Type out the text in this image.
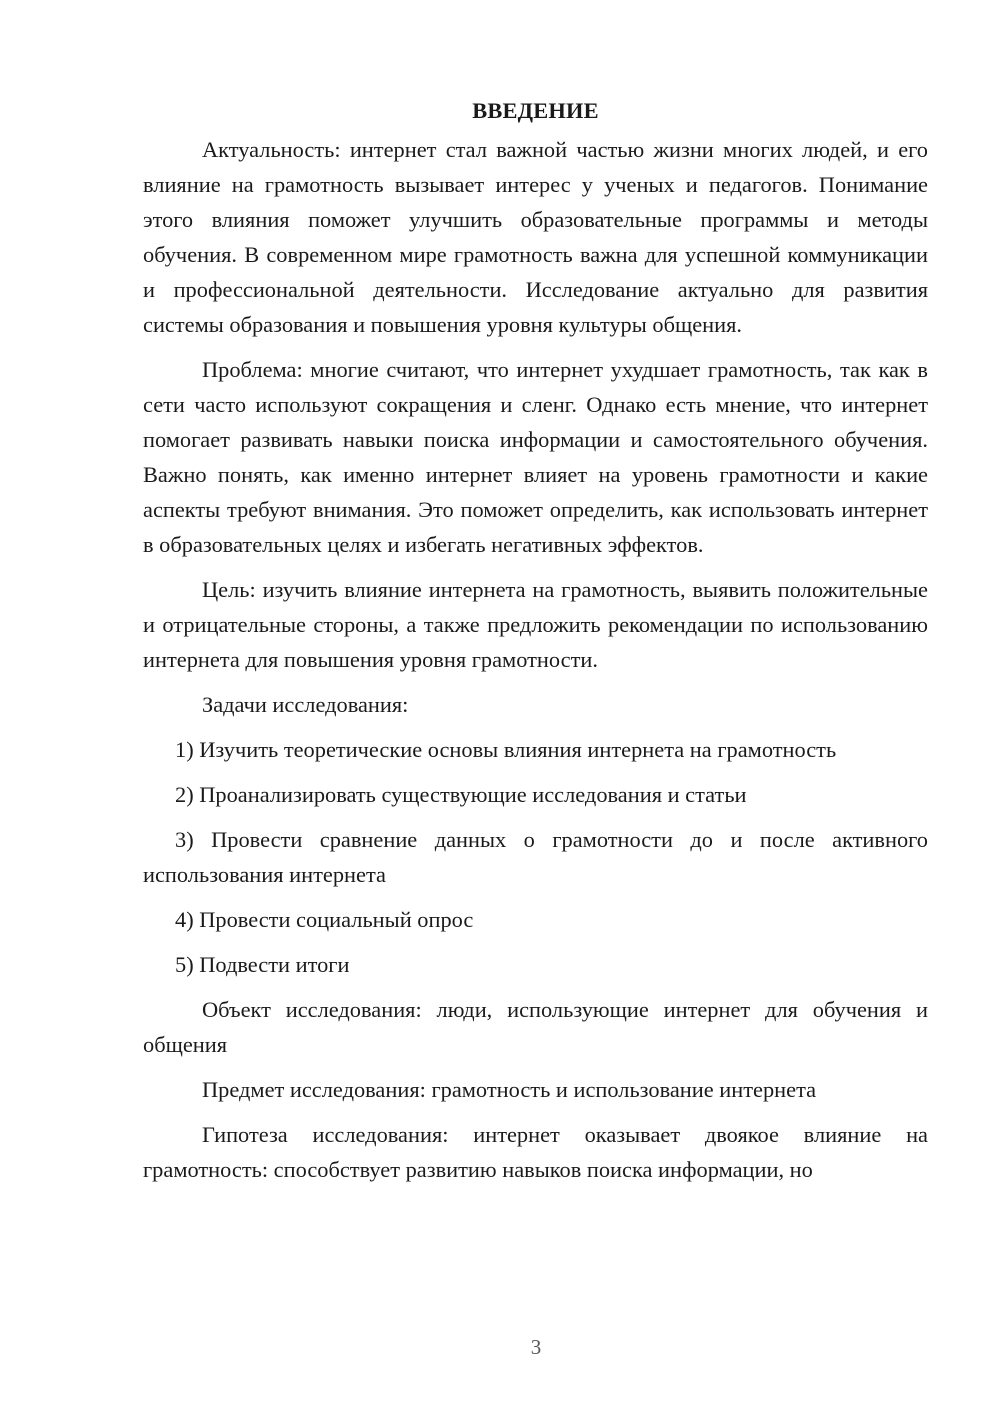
ВВЕДЕНИЕ

Актуальность: интернет стал важной частью жизни многих людей, и его влияние на грамотность вызывает интерес у ученых и педагогов. Понимание этого влияния поможет улучшить образовательные программы и методы обучения. В современном мире грамотность важна для успешной коммуникации и профессиональной деятельности. Исследование актуально для развития системы образования и повышения уровня культуры общения.

Проблема: многие считают, что интернет ухудшает грамотность, так как в сети часто используют сокращения и сленг. Однако есть мнение, что интернет помогает развивать навыки поиска информации и самостоятельного обучения. Важно понять, как именно интернет влияет на уровень грамотности и какие аспекты требуют внимания. Это поможет определить, как использовать интернет в образовательных целях и избегать негативных эффектов.

Цель: изучить влияние интернета на грамотность, выявить положительные и отрицательные стороны, а также предложить рекомендации по использованию интернета для повышения уровня грамотности.

Задачи исследования:

1) Изучить теоретические основы влияния интернета на грамотность

2) Проанализировать существующие исследования и статьи

3) Провести сравнение данных о грамотности до и после активного использования интернета

4) Провести социальный опрос

5) Подвести итоги

Объект исследования: люди, использующие интернет для обучения и общения

Предмет исследования: грамотность и использование интернета

Гипотеза исследования: интернет оказывает двоякое влияние на грамотность: способствует развитию навыков поиска информации, но

3
